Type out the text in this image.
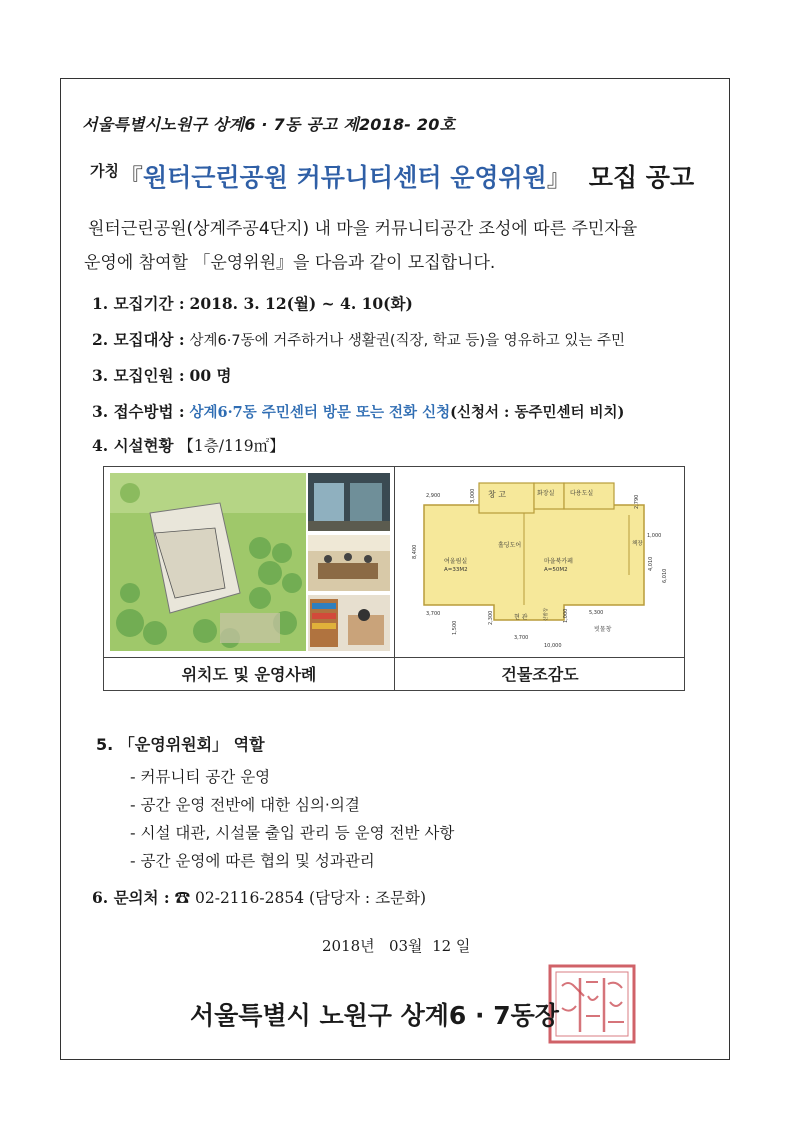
서울특별시노원구 상계6 · 7동 공고 제2018- 20호
가칭『원터근린공원 커뮤니티센터 운영위원』 모집 공고

원터근린공원(상계주공4단지) 내 마을 커뮤니티공간 조성에 따른 주민자율

운영에 참여할 「운영위원』을 다음과 같이 모집합니다.

1. 모집기간 : 2018. 3. 12(월) ~ 4. 10(화)
2. 모집대상 : 상계6·7동에 거주하거나 생활권(직장, 학교 등)을 영유하고 있는 주민
3. 모집인원 : 00 명
3. 접수방법 : 상계6·7동 주민센터 방문 또는 전화 신청(신청서 : 동주민센터 비치)
4. 시설현황 【1층/119㎡】
창 고	화장실	다용도실
홀딩도어
여울림실
A=33M2
마을북카페
A=50M2
책장
현 관	신발장
빗물창
2,900
3,700
3,700
5,300
10,000
8,400
1,000
4,010
6,010
3,000
1,500
2,300	1,000
2,790
위치도 및 운영사례	건물조감도
5. 「운영위원회」 역할
- 커뮤니티 공간 운영
- 공간 운영 전반에 대한 심의·의결
- 시설 대관, 시설물 출입 관리 등 운영 전반 사항
- 공간 운영에 따른 협의 및 성과관리
6. 문의처 : ☎ 02-2116-2854 (담당자 : 조문화)
2018년   03월  12 일
서울특별시 노원구 상계6 · 7동장
